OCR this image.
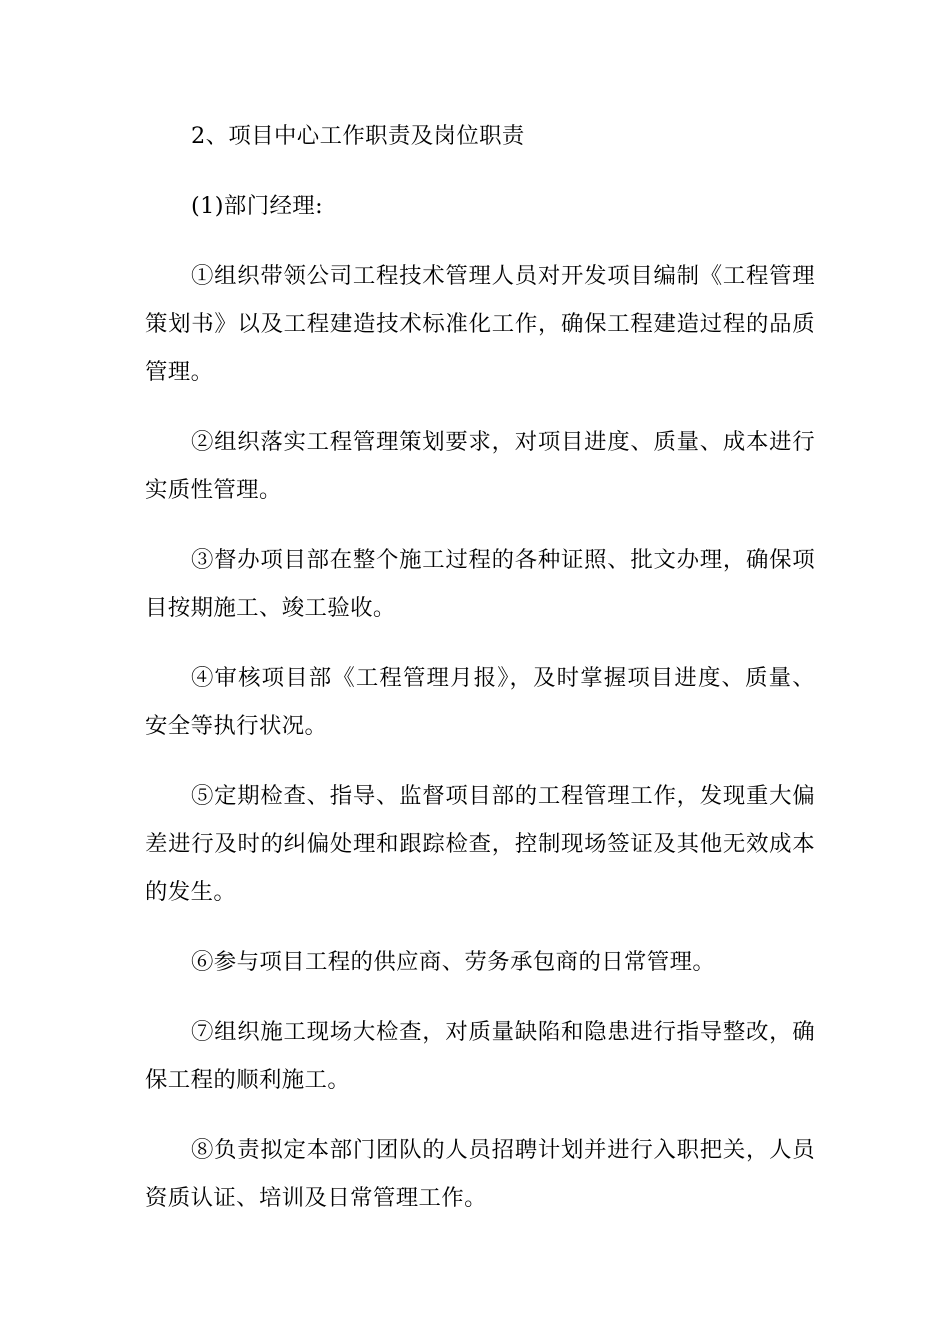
2、项目中心工作职责及岗位职责

(1)部门经理:

①组织带领公司工程技术管理人员对开发项目编制《工程管理策划书》以及工程建造技术标准化工作，确保工程建造过程的品质管理。

②组织落实工程管理策划要求，对项目进度、质量、成本进行实质性管理。

③督办项目部在整个施工过程的各种证照、批文办理，确保项目按期施工、竣工验收。

④审核项目部《工程管理月报》，及时掌握项目进度、质量、安全等执行状况。

⑤定期检查、指导、监督项目部的工程管理工作，发现重大偏差进行及时的纠偏处理和跟踪检查，控制现场签证及其他无效成本的发生。

⑥参与项目工程的供应商、劳务承包商的日常管理。

⑦组织施工现场大检查，对质量缺陷和隐患进行指导整改，确保工程的顺利施工。

⑧负责拟定本部门团队的人员招聘计划并进行入职把关，人员资质认证、培训及日常管理工作。
